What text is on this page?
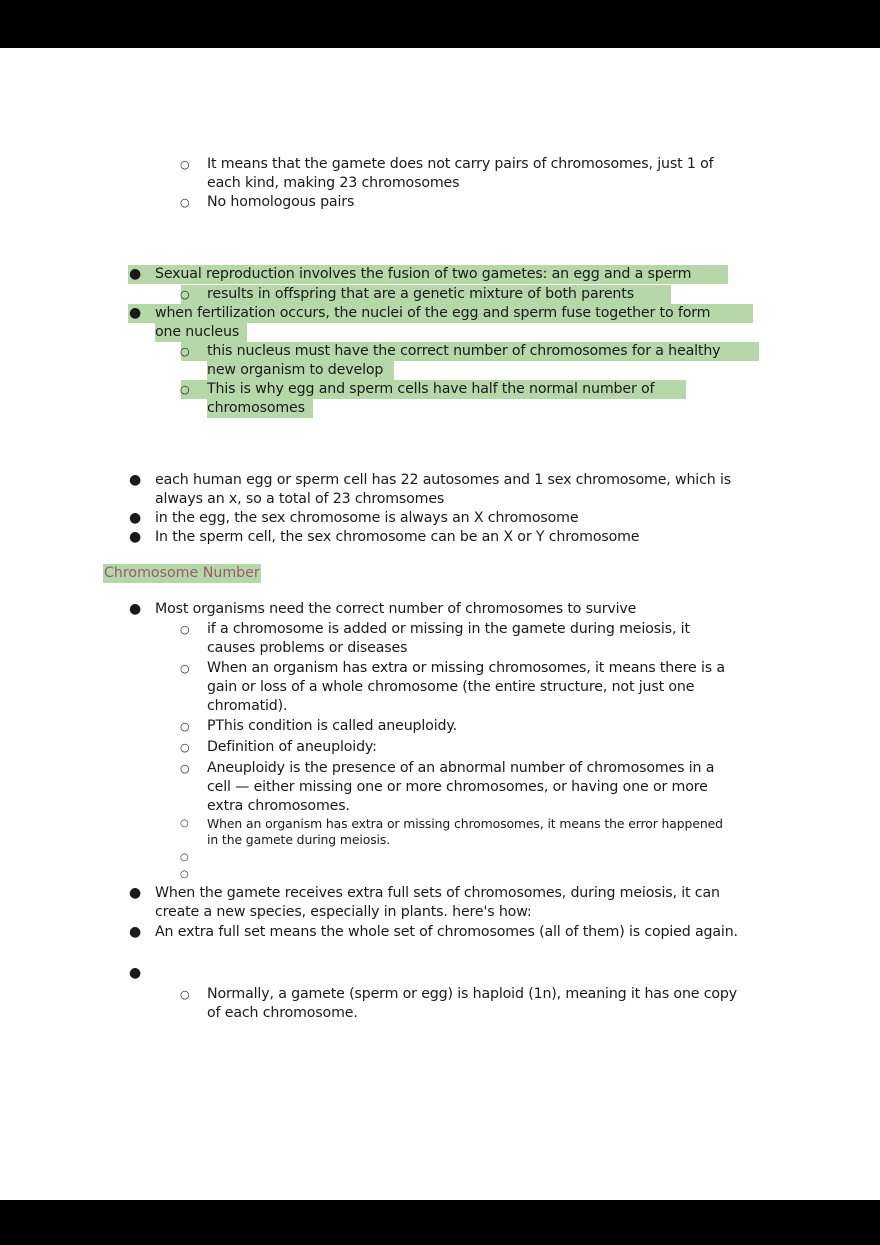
○ It means that the gamete does not carry pairs of chromosomes, just 1 of
each kind, making 23 chromosomes
○ No homologous pairs
● Sexual reproduction involves the fusion of two gametes: an egg and a sperm
○ results in offspring that are a genetic mixture of both parents
● when fertilization occurs, the nuclei of the egg and sperm fuse together to form
one nucleus
○ this nucleus must have the correct number of chromosomes for a healthy
new organism to develop
○ This is why egg and sperm cells have half the normal number of
chromosomes
● each human egg or sperm cell has 22 autosomes and 1 sex chromosome, which is
always an x, so a total of 23 chromsomes
● in the egg, the sex chromosome is always an X chromosome
● In the sperm cell, the sex chromosome can be an X or Y chromosome
Chromosome Number
● Most organisms need the correct number of chromosomes to survive
○ if a chromosome is added or missing in the gamete during meiosis, it
causes problems or diseases
○ When an organism has extra or missing chromosomes, it means there is a
gain or loss of a whole chromosome (the entire structure, not just one
chromatid).
○ PThis condition is called aneuploidy.
○ Definition of aneuploidy:
○ Aneuploidy is the presence of an abnormal number of chromosomes in a
cell — either missing one or more chromosomes, or having one or more
extra chromosomes.
○ When an organism has extra or missing chromosomes, it means the error happened
in the gamete during meiosis.
○
○
● When the gamete receives extra full sets of chromosomes, during meiosis, it can
create a new species, especially in plants. here's how:
● An extra full set means the whole set of chromosomes (all of them) is copied again.
●
○ Normally, a gamete (sperm or egg) is haploid (1n), meaning it has one copy
of each chromosome.
